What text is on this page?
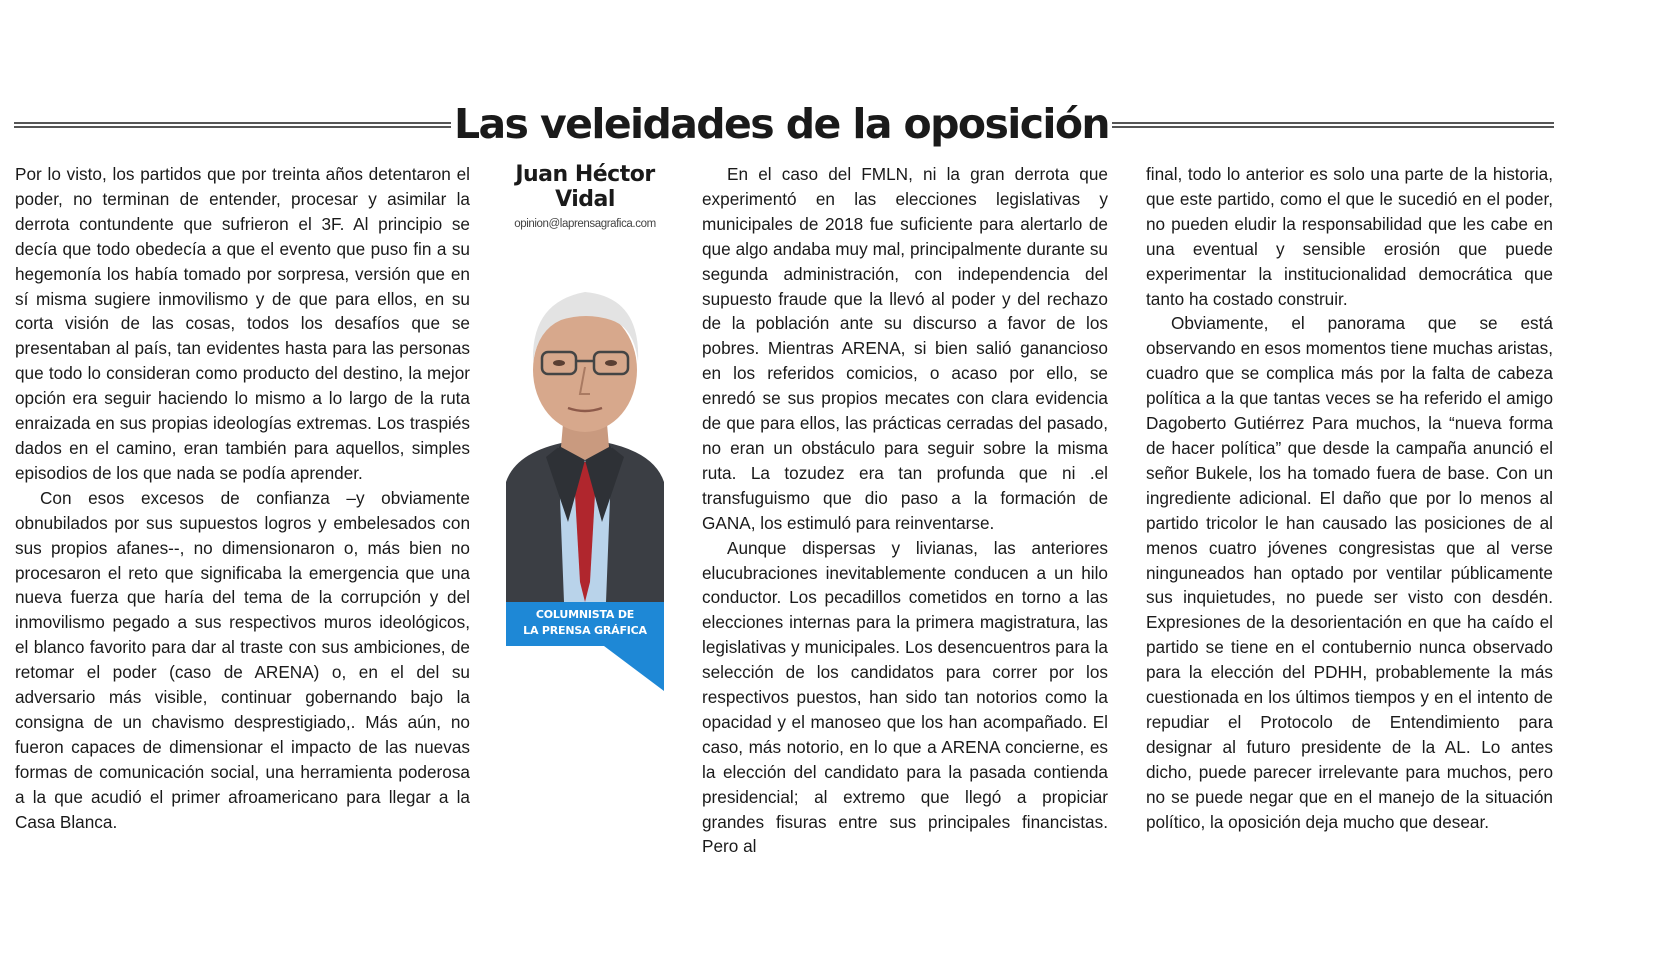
Las veleidades de la oposición

Por lo visto, los partidos que por treinta años detentaron el poder, no terminan de entender, procesar y asimilar la derrota contundente que sufrieron el 3F. Al principio se decía que todo obedecía a que el evento que puso fin a su hegemonía los había tomado por sorpresa, versión que en sí misma sugiere inmovilismo y de que para ellos, en su corta visión de las cosas, todos los desafíos que se presentaban al país, tan evidentes hasta para las personas que todo lo consideran como producto del destino, la mejor opción era seguir haciendo lo mismo a lo largo de la ruta enraizada en sus propias ideologías extremas. Los traspiés dados en el camino, eran también para aquellos, simples episodios de los que nada se podía aprender.

Con esos excesos de confianza –y obviamente obnubilados por sus supuestos logros y embelesados con sus propios afanes--, no dimensionaron o, más bien no procesaron el reto que significaba la emergencia que una nueva fuerza que haría del tema de la corrupción y del inmovilismo pegado a sus respectivos muros ideológicos, el blanco favorito para dar al traste con sus ambiciones, de retomar el poder (caso de ARENA) o, en el del su adversario más visible, continuar gobernando bajo la consigna de un chavismo desprestigiado,. Más aún, no fueron capaces de dimensionar el impacto de las nuevas formas de comunicación social, una herramienta poderosa a la que acudió el primer afroamericano para llegar a la Casa Blanca.

Juan Héctor
Vidal
opinion@laprensagrafica.com
COLUMNISTA DE
LA PRENSA GRÁFICA

En el caso del FMLN, ni la gran derrota que experimentó en las elecciones legislativas y municipales de 2018 fue suficiente para alertarlo de que algo andaba muy mal, principalmente durante su segunda administración, con independencia del supuesto fraude que la llevó al poder y del rechazo de la población ante su discurso a favor de los pobres. Mientras ARENA, si bien salió ganancioso en los referidos comicios, o acaso por ello, se enredó se sus propios mecates con clara evidencia de que para ellos, las prácticas cerradas del pasado, no eran un obstáculo para seguir sobre la misma ruta. La tozudez era tan profunda que ni .el transfuguismo que dio paso a la formación de GANA, los estimuló para reinventarse.

Aunque dispersas y livianas, las anteriores elucubraciones inevitablemente conducen a un hilo conductor. Los pecadillos cometidos en torno a las elecciones internas para la primera magistratura, las legislativas y municipales. Los desencuentros para la selección de los candidatos para correr por los respectivos puestos, han sido tan notorios como la opacidad y el manoseo que los han acompañado. El caso, más notorio, en lo que a ARENA concierne, es la elección del candidato para la pasada contienda presidencial; al extremo que llegó a propiciar grandes fisuras entre sus principales financistas. Pero al

final, todo lo anterior es solo una parte de la historia, que este partido, como el que le sucedió en el poder, no pueden eludir la responsabilidad que les cabe en una eventual y sensible erosión que puede experimentar la institucionalidad democrática que tanto ha costado construir.

Obviamente, el panorama que se está observando en esos momentos tiene muchas aristas, cuadro que se complica más por la falta de cabeza política a la que tantas veces se ha referido el amigo Dagoberto Gutiérrez Para muchos, la “nueva forma de hacer política” que desde la campaña anunció el señor Bukele, los ha tomado fuera de base. Con un ingrediente adicional. El daño que por lo menos al partido tricolor le han causado las posiciones de al menos cuatro jóvenes congresistas que al verse ninguneados han optado por ventilar públicamente sus inquietudes, no puede ser visto con desdén. Expresiones de la desorientación en que ha caído el partido se tiene en el contubernio nunca observado para la elección del PDHH, probablemente la más cuestionada en los últimos tiempos y en el intento de repudiar el Protocolo de Entendimiento para designar al futuro presidente de la AL. Lo antes dicho, puede parecer irrelevante para muchos, pero no se puede negar que en el manejo de la situación político, la oposición deja mucho que desear.
